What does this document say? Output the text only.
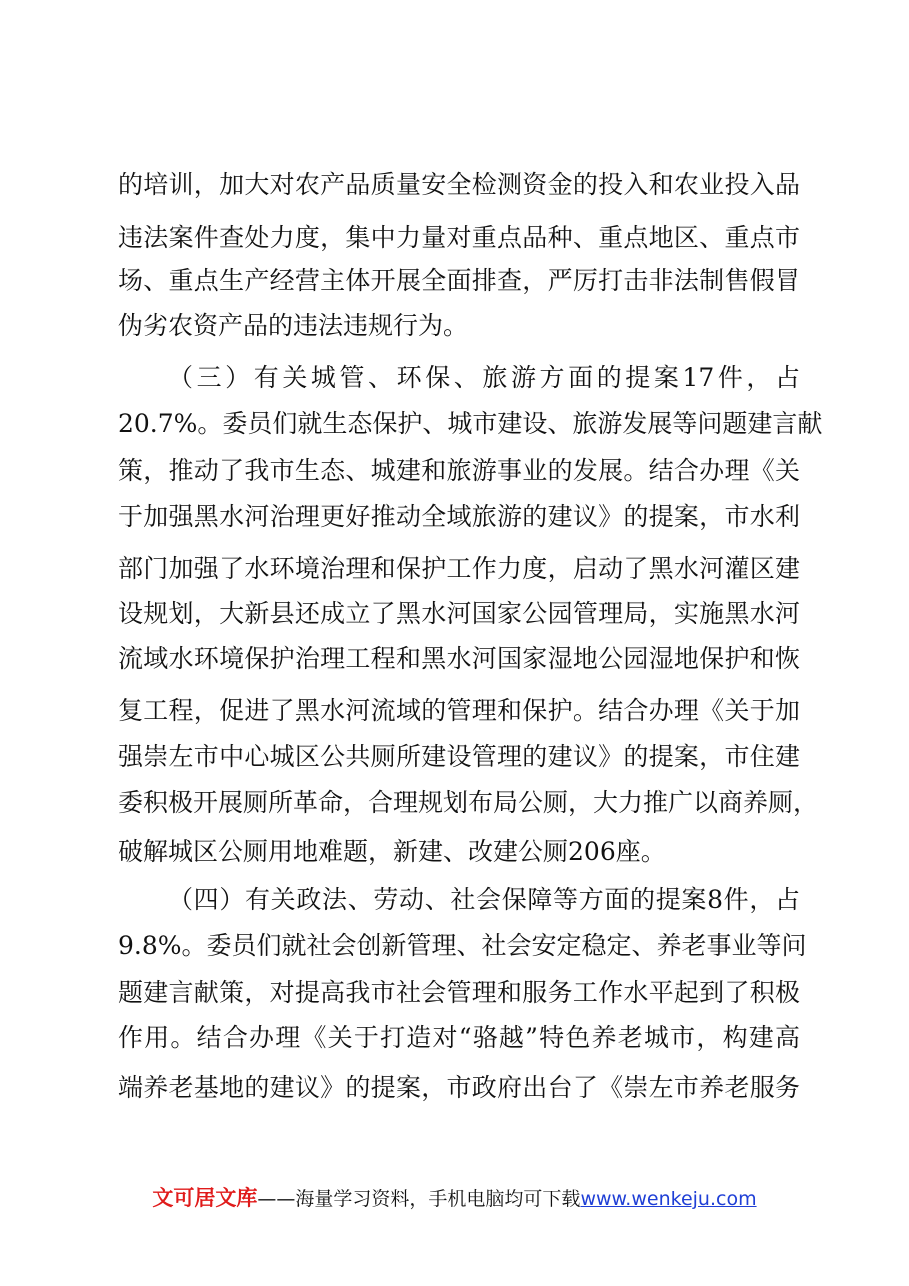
的培训，加大对农产品质量安全检测资金的投入和农业投入品
违法案件查处力度，集中力量对重点品种、重点地区、重点市
场、重点生产经营主体开展全面排查，严厉打击非法制售假冒
伪劣农资产品的违法违规行为。
（三）有关城管、环保、旅游方面的提案17件，占
20.7%。委员们就生态保护、城市建设、旅游发展等问题建言献
策，推动了我市生态、城建和旅游事业的发展。结合办理《关
于加强黑水河治理更好推动全域旅游的建议》的提案，市水利
部门加强了水环境治理和保护工作力度，启动了黑水河灌区建
设规划，大新县还成立了黑水河国家公园管理局，实施黑水河
流域水环境保护治理工程和黑水河国家湿地公园湿地保护和恢
复工程，促进了黑水河流域的管理和保护。结合办理《关于加
强崇左市中心城区公共厕所建设管理的建议》的提案，市住建
委积极开展厕所革命，合理规划布局公厕，大力推广以商养厕，
破解城区公厕用地难题，新建、改建公厕206座。
（四）有关政法、劳动、社会保障等方面的提案8件，占
9.8%。委员们就社会创新管理、社会安定稳定、养老事业等问
题建言献策，对提高我市社会管理和服务工作水平起到了积极
作用。结合办理《关于打造对“骆越”特色养老城市，构建高
端养老基地的建议》的提案，市政府出台了《崇左市养老服务
文可居文库——海量学习资料，手机电脑均可下载www.wenkeju.com
